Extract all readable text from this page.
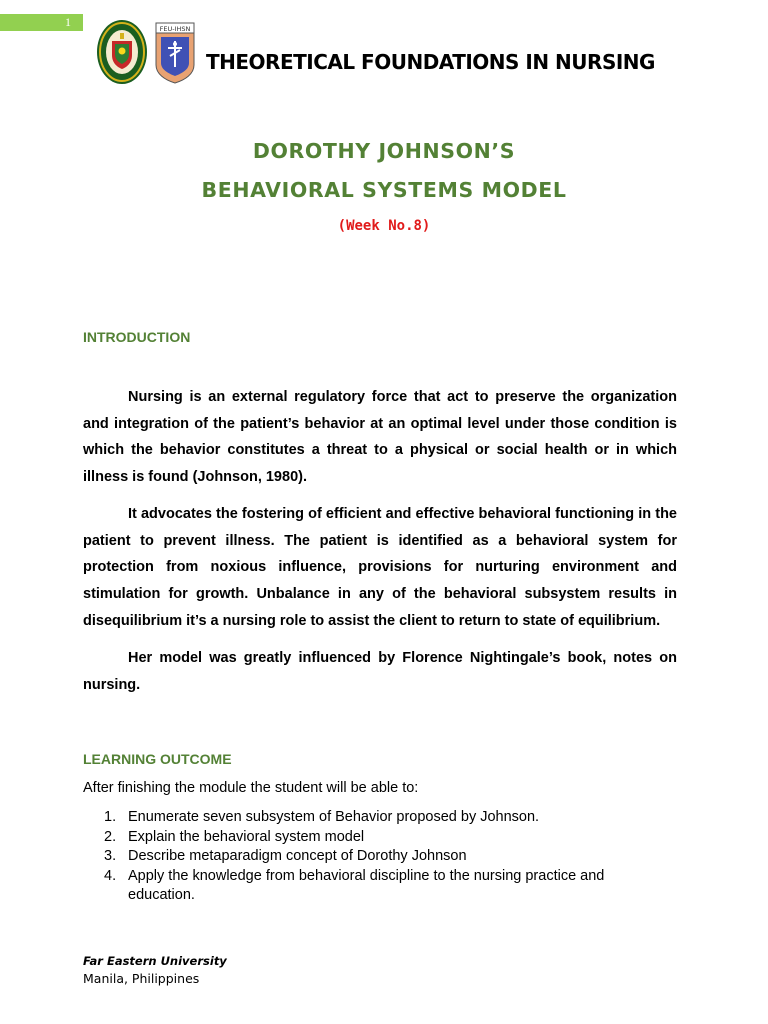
1	FEU-IHSN
THEORETICAL FOUNDATIONS IN NURSING
DOROTHY JOHNSON’S
BEHAVIORAL SYSTEMS MODEL
(Week No.8)
INTRODUCTION

Nursing is an external regulatory force that act to preserve the organization and integration of the patient’s behavior at an optimal level under those condition is which the behavior constitutes a threat to a physical or social health or in which illness is found (Johnson, 1980).

It advocates the fostering of efficient and effective behavioral functioning in the patient to prevent illness. The patient is identified as a behavioral system for protection from noxious influence, provisions for nurturing environment and stimulation for growth. Unbalance in any of the behavioral subsystem results in disequilibrium it’s a nursing role to assist the client to return to state of equilibrium.

Her model was greatly influenced by Florence Nightingale’s book, notes on nursing.

LEARNING OUTCOME
After finishing the module the student will be able to:
1. Enumerate seven subsystem of Behavior proposed by Johnson.
2. Explain the behavioral system model
3. Describe metaparadigm concept of Dorothy Johnson
4. Apply the knowledge from behavioral discipline to the nursing practice and education.
Far Eastern University
Manila, Philippines
